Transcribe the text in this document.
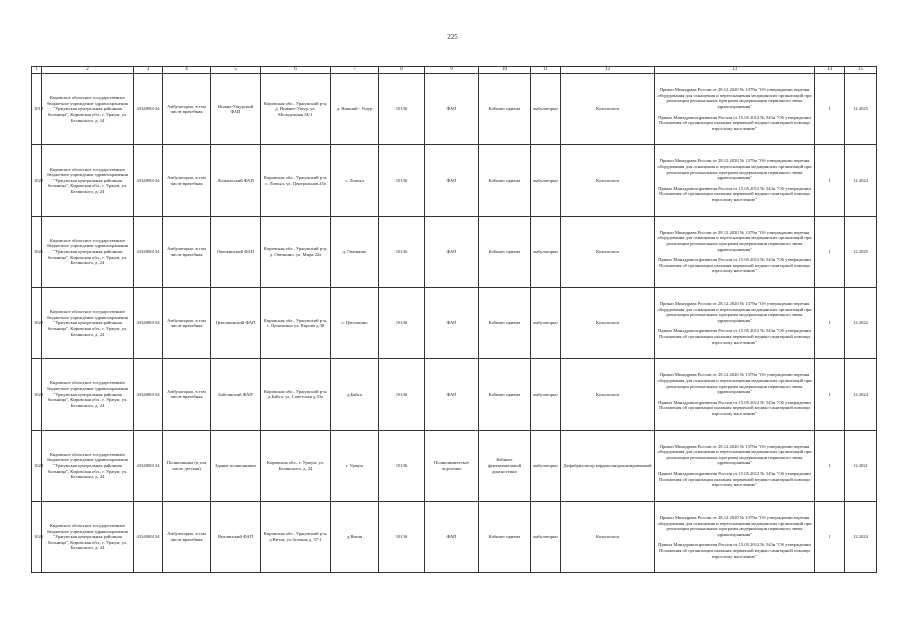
225
1	2	3	4	5	6	7	8	9	10	11	12	13	14	15
1019	Кировское областное государственное бюджетное учреждение здравоохранения "Уржумская центральная районная больница", Кировская обл., г. Уржум, ул. Белинского, д. 24	4334000134	Амбулаторно, в том числе врачебная	Нижне-Ушурский ФАП	Кировская обл., Уржумский р-н, д. Нижнее-Ушур, ул. Молодежная 3Б-1	д. Нижний - Ушур	10136	ФАП	Кабинет приема	амбулаторно	Кольпоскоп	Приказ Минздрава России от 28.12.2020 № 1379н "Об утверждении перечня оборудования для оснащения и переоснащения медицинских организаций при реализации региональных программ модернизации первичного звена здравоохранения"

Приказ Минздравсоцразвития России от 15.05.2012 № 543н "Об утверждении Положения об организации оказания первичной медико-санитарной помощи взрослому населению"	1	12.2025
1020	Кировское областное государственное бюджетное учреждение здравоохранения "Уржумская центральная районная больница", Кировская обл., г. Уржум, ул. Белинского, д. 24	4334000134	Амбулаторно, в том числе врачебная	Лопьяльский ФАП	Кировская обл., Уржумский р-н, с. Лопьял, ул. Центральная 25а	с. Лопьял	10136	ФАП	Кабинет приема	амбулаторно	Кольпоскоп	Приказ Минздрава России от 28.12.2020 № 1379н "Об утверждении перечня оборудования для оснащения и переоснащения медицинских организаций при реализации региональных программ модернизации первичного звена здравоохранения"

Приказ Минздравсоцразвития России от 15.05.2012 № 543н "Об утверждении Положения об организации оказания первичной медико-санитарной помощи взрослому населению"	1	12.2024
1021	Кировское областное государственное бюджетное учреждение здравоохранения "Уржумская центральная районная больница", Кировская обл., г. Уржум, ул. Белинского, д. 24	4334000134	Амбулаторно, в том числе врачебная	Овечкинский ФАП	Кировская обл., Уржумский р-н, д. Овечкино, ул. Мира 22а	д. Овечкино	10136	ФАП	Кабинет приема	амбулаторно	Кольпоскоп	Приказ Минздрава России от 28.12.2020 № 1379н "Об утверждении перечня оборудования для оснащения и переоснащения медицинских организаций при реализации региональных программ модернизации первичного звена здравоохранения"

Приказ Минздравсоцразвития России от 15.05.2012 № 543н "Об утверждении Положения об организации оказания первичной медико-санитарной помощи взрослому населению"	1	12.2025
1022	Кировское областное государственное бюджетное учреждение здравоохранения "Уржумская центральная районная больница", Кировская обл., г. Уржум, ул. Белинского, д. 24	4334000134	Амбулаторно, в том числе врачебная	Цепочкинский ФАП	Кировская обл., Уржумский р-н, с. Цепочкино ул. Кирова д.38	с. Цепочкино	10136	ФАП	Кабинет приема	амбулаторно	Кольпоскоп	Приказ Минздрава России от 28.12.2020 № 1379н "Об утверждении перечня оборудования для оснащения и переоснащения медицинских организаций при реализации региональных программ модернизации первичного звена здравоохранения"

Приказ Минздравсоцразвития России от 15.05.2012 № 543н "Об утверждении Положения об организации оказания первичной медико-санитарной помощи взрослому населению"	1	12.2022
1023	Кировское областное государственное бюджетное учреждение здравоохранения "Уржумская центральная районная больница", Кировская обл., г. Уржум, ул. Белинского, д. 24	4334000134	Амбулаторно, в том числе врачебная	Байсинский ФАП	Кировская обл., Уржумский р-н, д.Байса, ул. Советская д.33а	д.Байса	10136	ФАП	Кабинет приема	амбулаторно	Кольпоскоп	Приказ Минздрава России от 28.12.2020 № 1379н "Об утверждении перечня оборудования для оснащения и переоснащения медицинских организаций при реализации региональных программ модернизации первичного звена здравоохранения"

Приказ Минздравсоцразвития России от 15.05.2012 № 543н "Об утверждении Положения об организации оказания первичной медико-санитарной помощи взрослому населению"	1	12.2024
1024	Кировское областное государственное бюджетное учреждение здравоохранения "Уржумская центральная районная больница", Кировская обл., г. Уржум, ул. Белинского, д. 24	4334000134	Поликлиника (в том числе детская)	Здание поликлиники	Кировская обл., г. Уржум, ул. Белинского, д. 24	г. Уржум	10136	Поликлиническое отделение	Кабинет функциональной диагностики	амбулаторно	Дефибриллятор кардиосинхронизированный	Приказ Минздрава России от 28.12.2020 № 1379н "Об утверждении перечня оборудования для оснащения и переоснащения медицинских организаций при реализации региональных программ модернизации первичного звена здравоохранения"

Приказ Минздравсоцразвития России от 15.05.2012 № 543н "Об утверждении Положения об организации оказания первичной медико-санитарной помощи взрослому населению"	1	12.2021
1025	Кировское областное государственное бюджетное учреждение здравоохранения "Уржумская центральная районная больница", Кировская обл., г. Уржум, ул. Белинского, д. 24	4334000134	Амбулаторно, в том числе врачебная	Витлинский ФАП	Кировская обл., Уржумский р-н, д.Витля, ул.Зеленая д. 37-1	д.Витля	10136	ФАП	Кабинет приема	амбулаторно	Кольпоскоп	Приказ Минздрава России от 28.12.2020 № 1379н "Об утверждении перечня оборудования для оснащения и переоснащения медицинских организаций при реализации региональных программ модернизации первичного звена здравоохранения"

Приказ Минздравсоцразвития России от 15.05.2012 № 543н "Об утверждении Положения об организации оказания первичной медико-санитарной помощи взрослому населению"	1	12.2024
